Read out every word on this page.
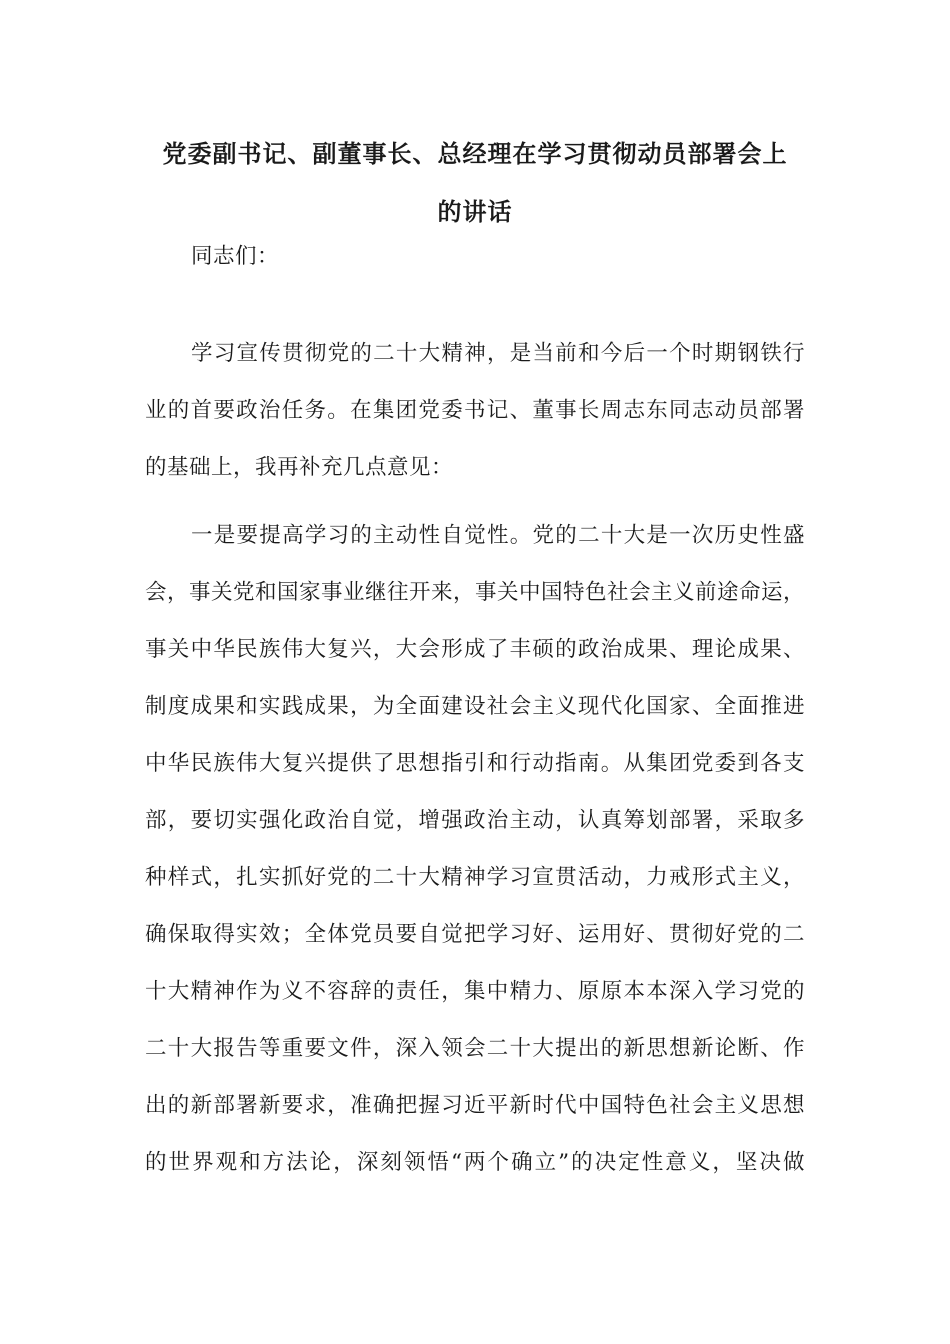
党委副书记、副董事长、总经理在学习贯彻动员部署会上
的讲话
同志们：
学习宣传贯彻党的二十大精神，是当前和今后一个时期钢铁行
业的首要政治任务。在集团党委书记、董事长周志东同志动员部署
的基础上，我再补充几点意见：
一是要提高学习的主动性自觉性。党的二十大是一次历史性盛
会，事关党和国家事业继往开来，事关中国特色社会主义前途命运，
事关中华民族伟大复兴，大会形成了丰硕的政治成果、理论成果、
制度成果和实践成果，为全面建设社会主义现代化国家、全面推进
中华民族伟大复兴提供了思想指引和行动指南。从集团党委到各支
部，要切实强化政治自觉，增强政治主动，认真筹划部署，采取多
种样式，扎实抓好党的二十大精神学习宣贯活动，力戒形式主义，
确保取得实效；全体党员要自觉把学习好、运用好、贯彻好党的二
十大精神作为义不容辞的责任，集中精力、原原本本深入学习党的
二十大报告等重要文件，深入领会二十大提出的新思想新论断、作
出的新部署新要求，准确把握习近平新时代中国特色社会主义思想
的世界观和方法论，深刻领悟“两个确立”的决定性意义，坚决做
